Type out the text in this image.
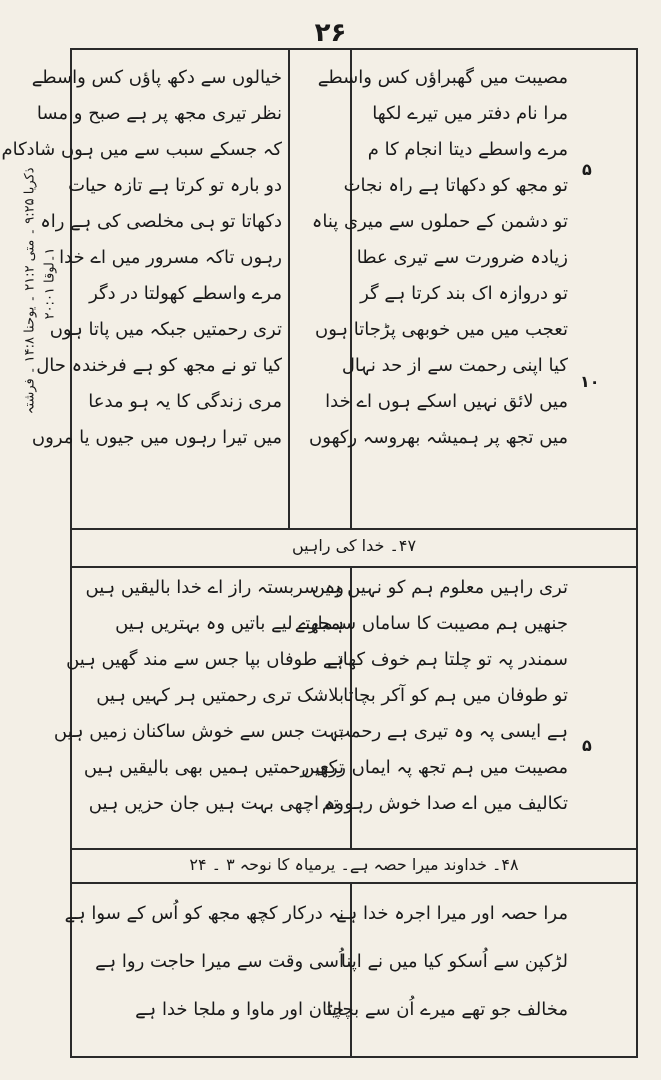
۲۶
۱۔لوقا ۲۰:۰۱
ذکریا ۹:۲۵ ۔ متی ۲۱:۲ ۔ یوحنا ۱۴:۸ ۔ فرشتہ	۵
۱۰
۵
مصیبت میں گھبراؤں کس واسطے
مرا نام دفتر میں تیرے لکھا
مرے واسطے دیتا انجام کا م
تو مجھ کو دکھاتا ہے راہ نجات
تو دشمن کے حملوں سے میری پناہ
زیادہ ضرورت سے تیری عطا
تو دروازہ اک بند کرتا ہے گر
تعجب میں میں خوبھی پڑجاتا ہوں
کیا اپنی رحمت سے از حد نہال
میں لائق نہیں اسکے ہوں اے خدا
میں تجھ پر ہمیشہ بھروسہ رکھوں
خیالوں سے دکھ پاؤں کس واسطے
نظر تیری مجھ پر ہے صبح و مسا
کہ جسکے سبب سے میں ہوں شادکام
دو بارہ تو کرتا ہے تازہ حیات
دکھاتا تو ہی مخلصی کی ہے راہ
رہوں تاکہ مسرور میں اے خدا
مرے واسطے کھولتا در دگر
تری رحمتیں جبکہ میں پاتا ہوں
کیا تو نے مجھ کو ہے فرخندہ حال
مری زندگی کا یہ ہو مدعا
میں تیرا رہوں میں جیوں یا مروں
۴۷۔ خدا کی راہیں
تری راہیں معلوم ہم کو نہیں ہیں
جنھیں ہم مصیبت کا ساماں سمجھتے
سمندر پہ تو چلتا ہم خوف کھاتے
تو طوفان میں ہم کو آکر بچاتا
ہے ایسی پہ وہ تیری ہے رحمت
مصیبت میں ہم تجھ پہ ایماں رکھیں
تکالیف میں اے صدا خوش رہو تم
وہ سربستہ راز اے خدا بالیقیں ہیں
ہمارے لیے باتیں وہ بہتریں ہیں
ہے طوفاں بپا جس سے مند گھیں ہیں
بلاشک تری رحمتیں ہر کہیں ہیں
بہت جس سے خوش ساکنان زمیں ہیں
تری رحمتیں ہمیں بھی بالیقیں ہیں
وہ اچھی بہت ہیں جان حزیں ہیں
۴۸۔ خداوند میرا حصہ ہے۔ یرمیاہ کا نوحہ ۳ ۔ ۲۴
مرا حصہ اور میرا اجرہ خدا ہے
لڑکپن سے اُسکو کیا میں نے اپنا
مخالف جو تھے میرے اُن سے بچایا
نہ درکار کچھ مجھ کو اُس کے سوا ہے
اُسی وقت سے میرا حاجت روا ہے
چٹان اور ماوا و ملجا خدا ہے
